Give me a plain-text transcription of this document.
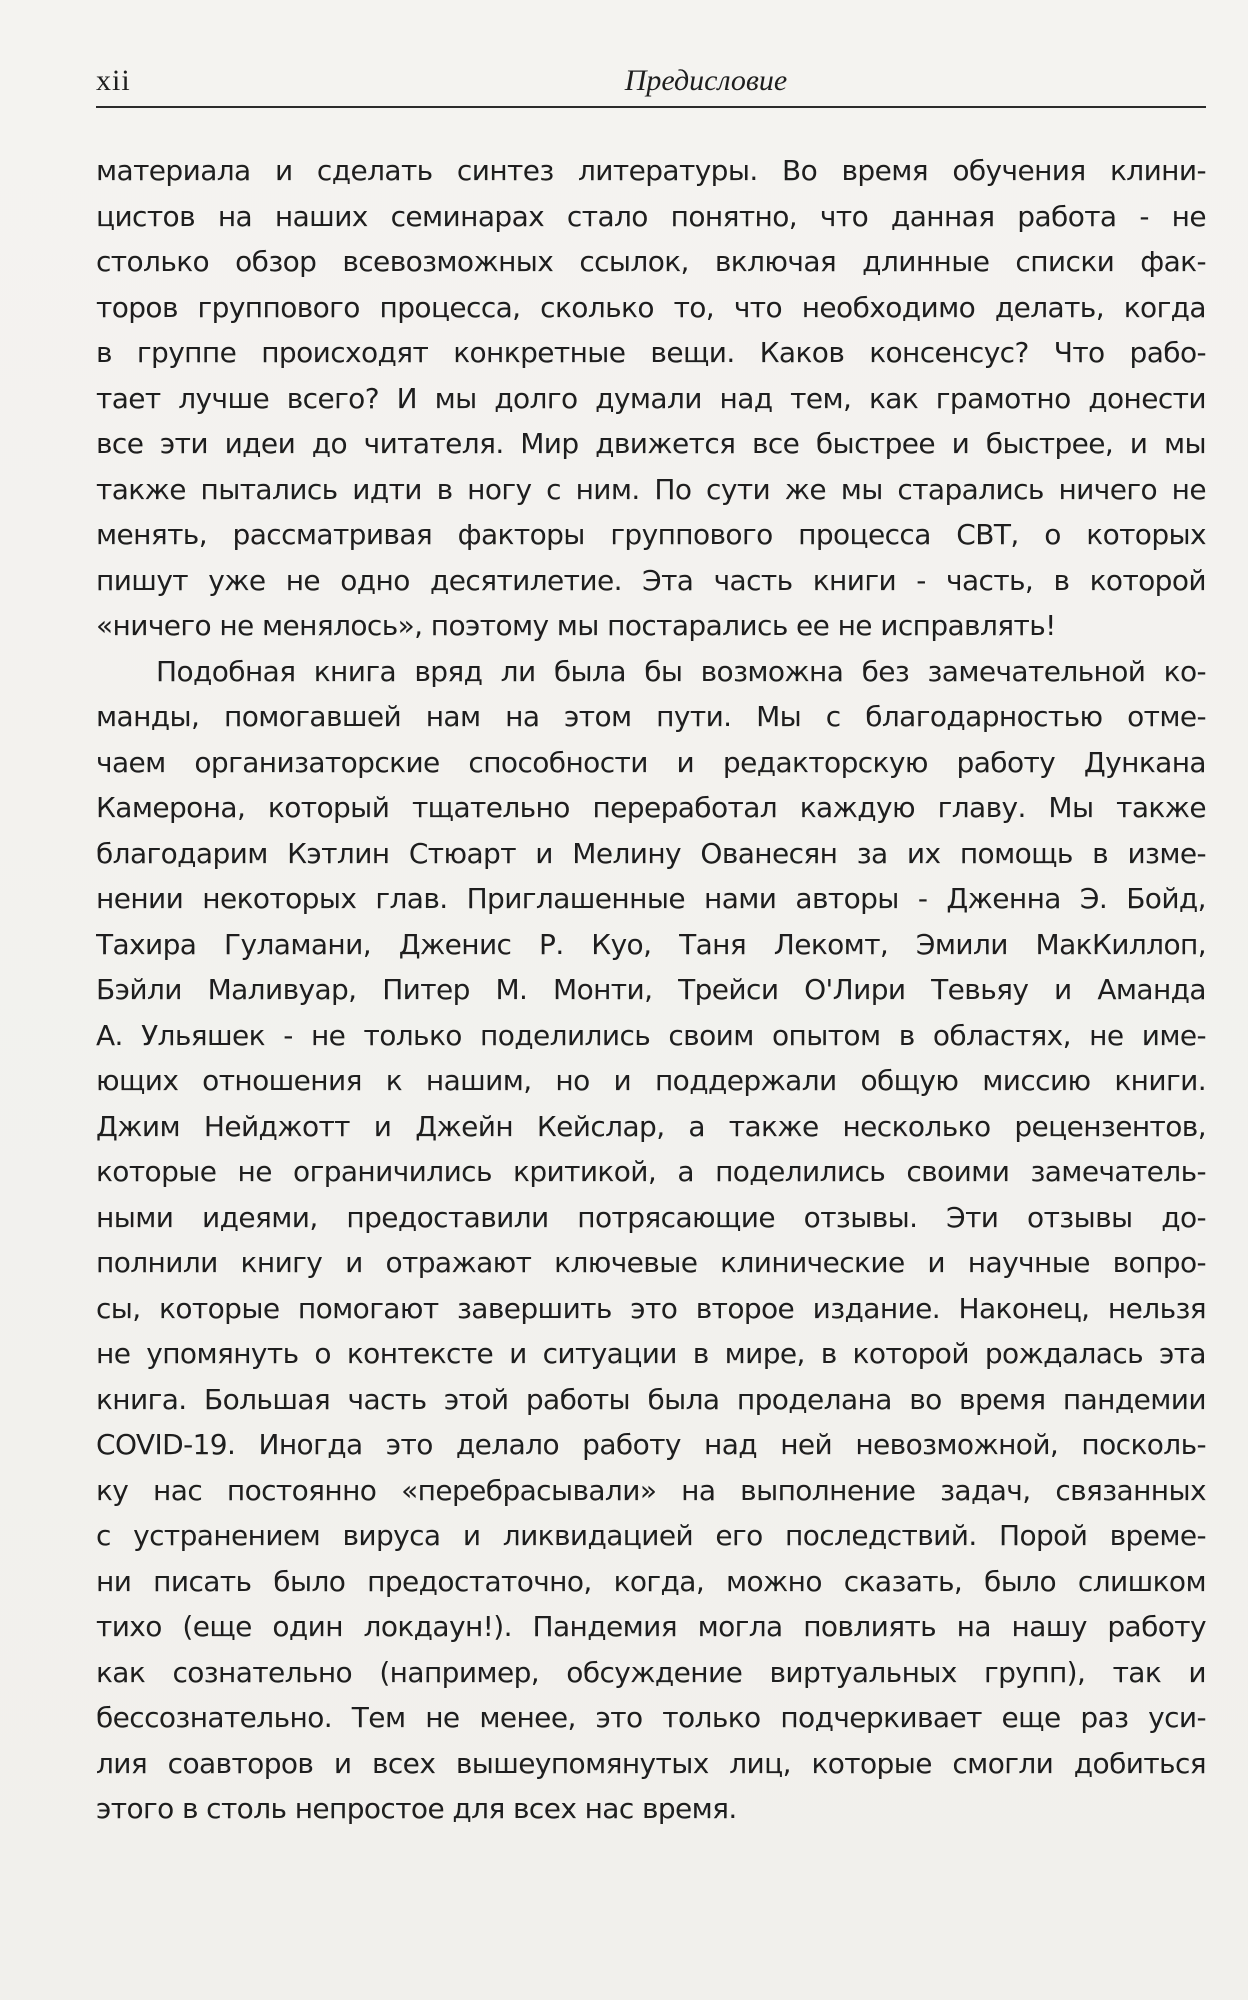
xii	Предисловие
материала и сделать синтез литературы. Во время обучения клини-
цистов на наших семинарах стало понятно, что данная работа - не
столько обзор всевозможных ссылок, включая длинные списки фак-
торов группового процесса, сколько то, что необходимо делать, когда
в группе происходят конкретные вещи. Каков консенсус? Что рабо-
тает лучше всего? И мы долго думали над тем, как грамотно донести
все эти идеи до читателя. Мир движется все быстрее и быстрее, и мы
также пытались идти в ногу с ним. По сути же мы старались ничего не
менять, рассматривая факторы группового процесса СВТ, о которых
пишут уже не одно десятилетие. Эта часть книги - часть, в которой
«ничего не менялось», поэтому мы постарались ее не исправлять!
Подобная книга вряд ли была бы возможна без замечательной ко-
манды, помогавшей нам на этом пути. Мы с благодарностью отме-
чаем организаторские способности и редакторскую работу Дункана
Камерона, который тщательно переработал каждую главу. Мы также
благодарим Кэтлин Стюарт и Мелину Ованесян за их помощь в изме-
нении некоторых глав. Приглашенные нами авторы - Дженна Э. Бойд,
Тахира Гуламани, Дженис Р. Куо, Таня Лекомт, Эмили МакКиллоп,
Бэйли Маливуар, Питер М. Монти, Трейси О'Лири Тевьяу и Аманда
А. Ульяшек - не только поделились своим опытом в областях, не име-
ющих отношения к нашим, но и поддержали общую миссию книги.
Джим Нейджотт и Джейн Кейслар, а также несколько рецензентов,
которые не ограничились критикой, а поделились своими замечатель-
ными идеями, предоставили потрясающие отзывы. Эти отзывы до-
полнили книгу и отражают ключевые клинические и научные вопро-
сы, которые помогают завершить это второе издание. Наконец, нельзя
не упомянуть о контексте и ситуации в мире, в которой рождалась эта
книга. Большая часть этой работы была проделана во время пандемии
COVID-19. Иногда это делало работу над ней невозможной, посколь-
ку нас постоянно «перебрасывали» на выполнение задач, связанных
с устранением вируса и ликвидацией его последствий. Порой време-
ни писать было предостаточно, когда, можно сказать, было слишком
тихо (еще один локдаун!). Пандемия могла повлиять на нашу работу
как сознательно (например, обсуждение виртуальных групп), так и
бессознательно. Тем не менее, это только подчеркивает еще раз уси-
лия соавторов и всех вышеупомянутых лиц, которые смогли добиться
этого в столь непростое для всех нас время.
